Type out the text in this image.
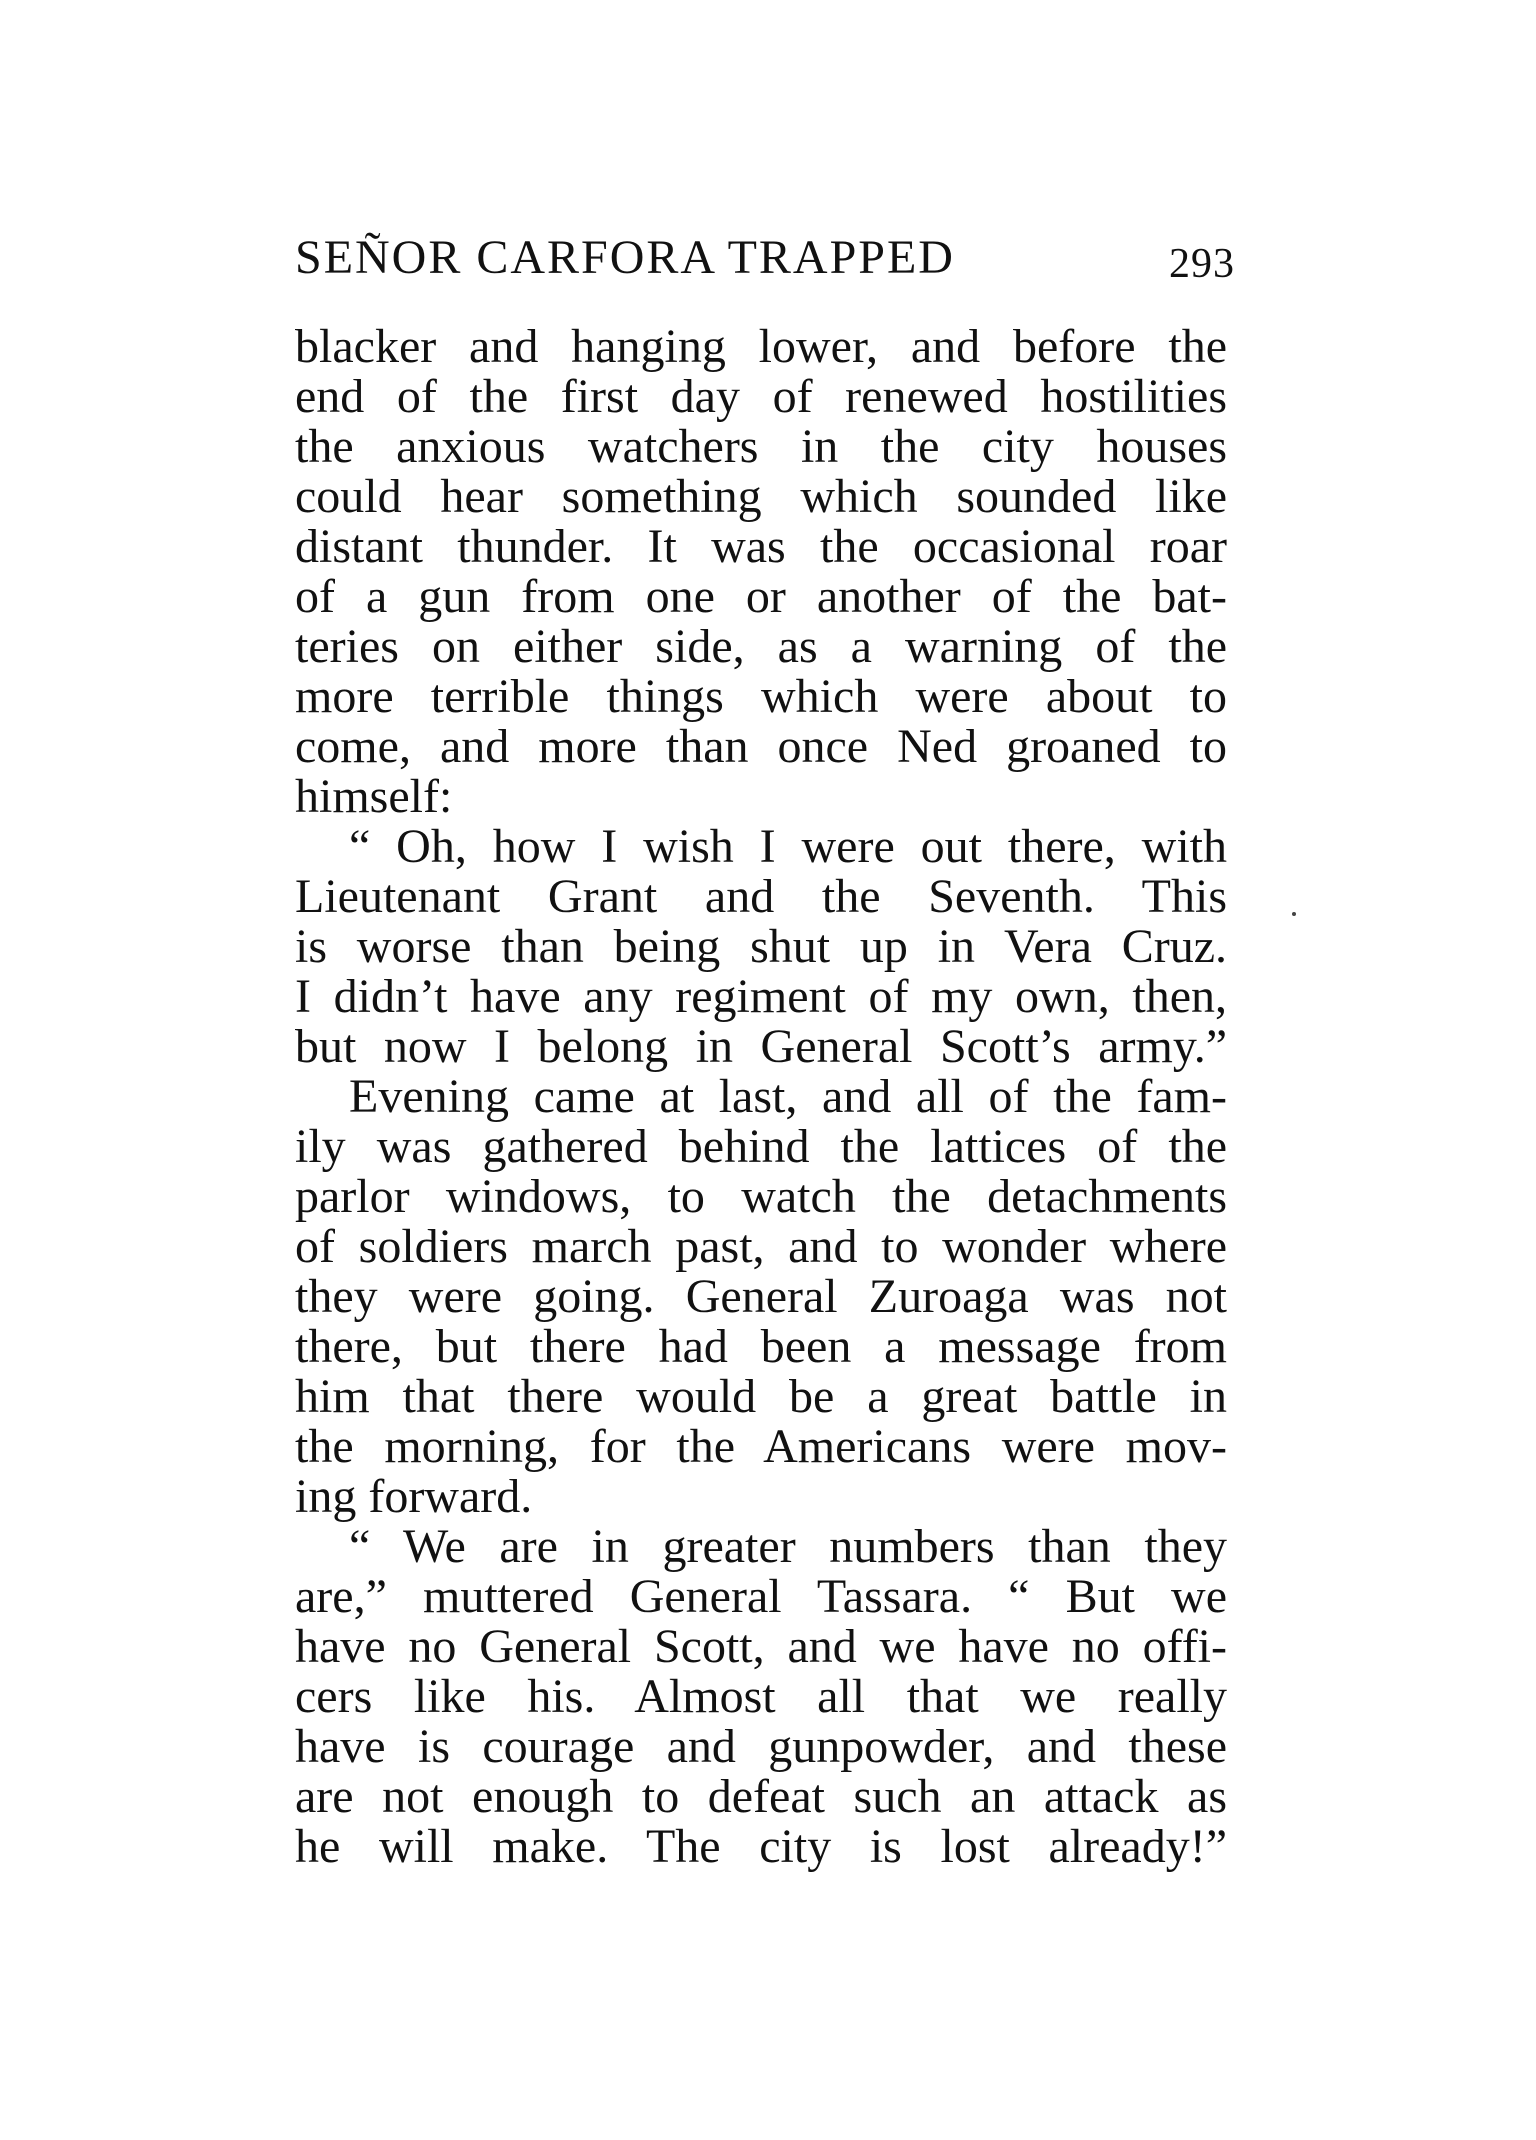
SEÑOR CARFORA TRAPPED	293
blacker and hanging lower, and before the
end of the first day of renewed hostilities
the anxious watchers in the city houses
could hear something which sounded like
distant thunder. It was the occasional roar
of a gun from one or another of the bat-
teries on either side, as a warning of the
more terrible things which were about to
come, and more than once Ned groaned to
himself:
“ Oh, how I wish I were out there, with
Lieutenant Grant and the Seventh. This
is worse than being shut up in Vera Cruz.
I didn’t have any regiment of my own, then,
but now I belong in General Scott’s army.”
Evening came at last, and all of the fam-
ily was gathered behind the lattices of the
parlor windows, to watch the detachments
of soldiers march past, and to wonder where
they were going. General Zuroaga was not
there, but there had been a message from
him that there would be a great battle in
the morning, for the Americans were mov-
ing forward.
“ We are in greater numbers than they
are,” muttered General Tassara. “ But we
have no General Scott, and we have no offi-
cers like his. Almost all that we really
have is courage and gunpowder, and these
are not enough to defeat such an attack as
he will make. The city is lost already!”
